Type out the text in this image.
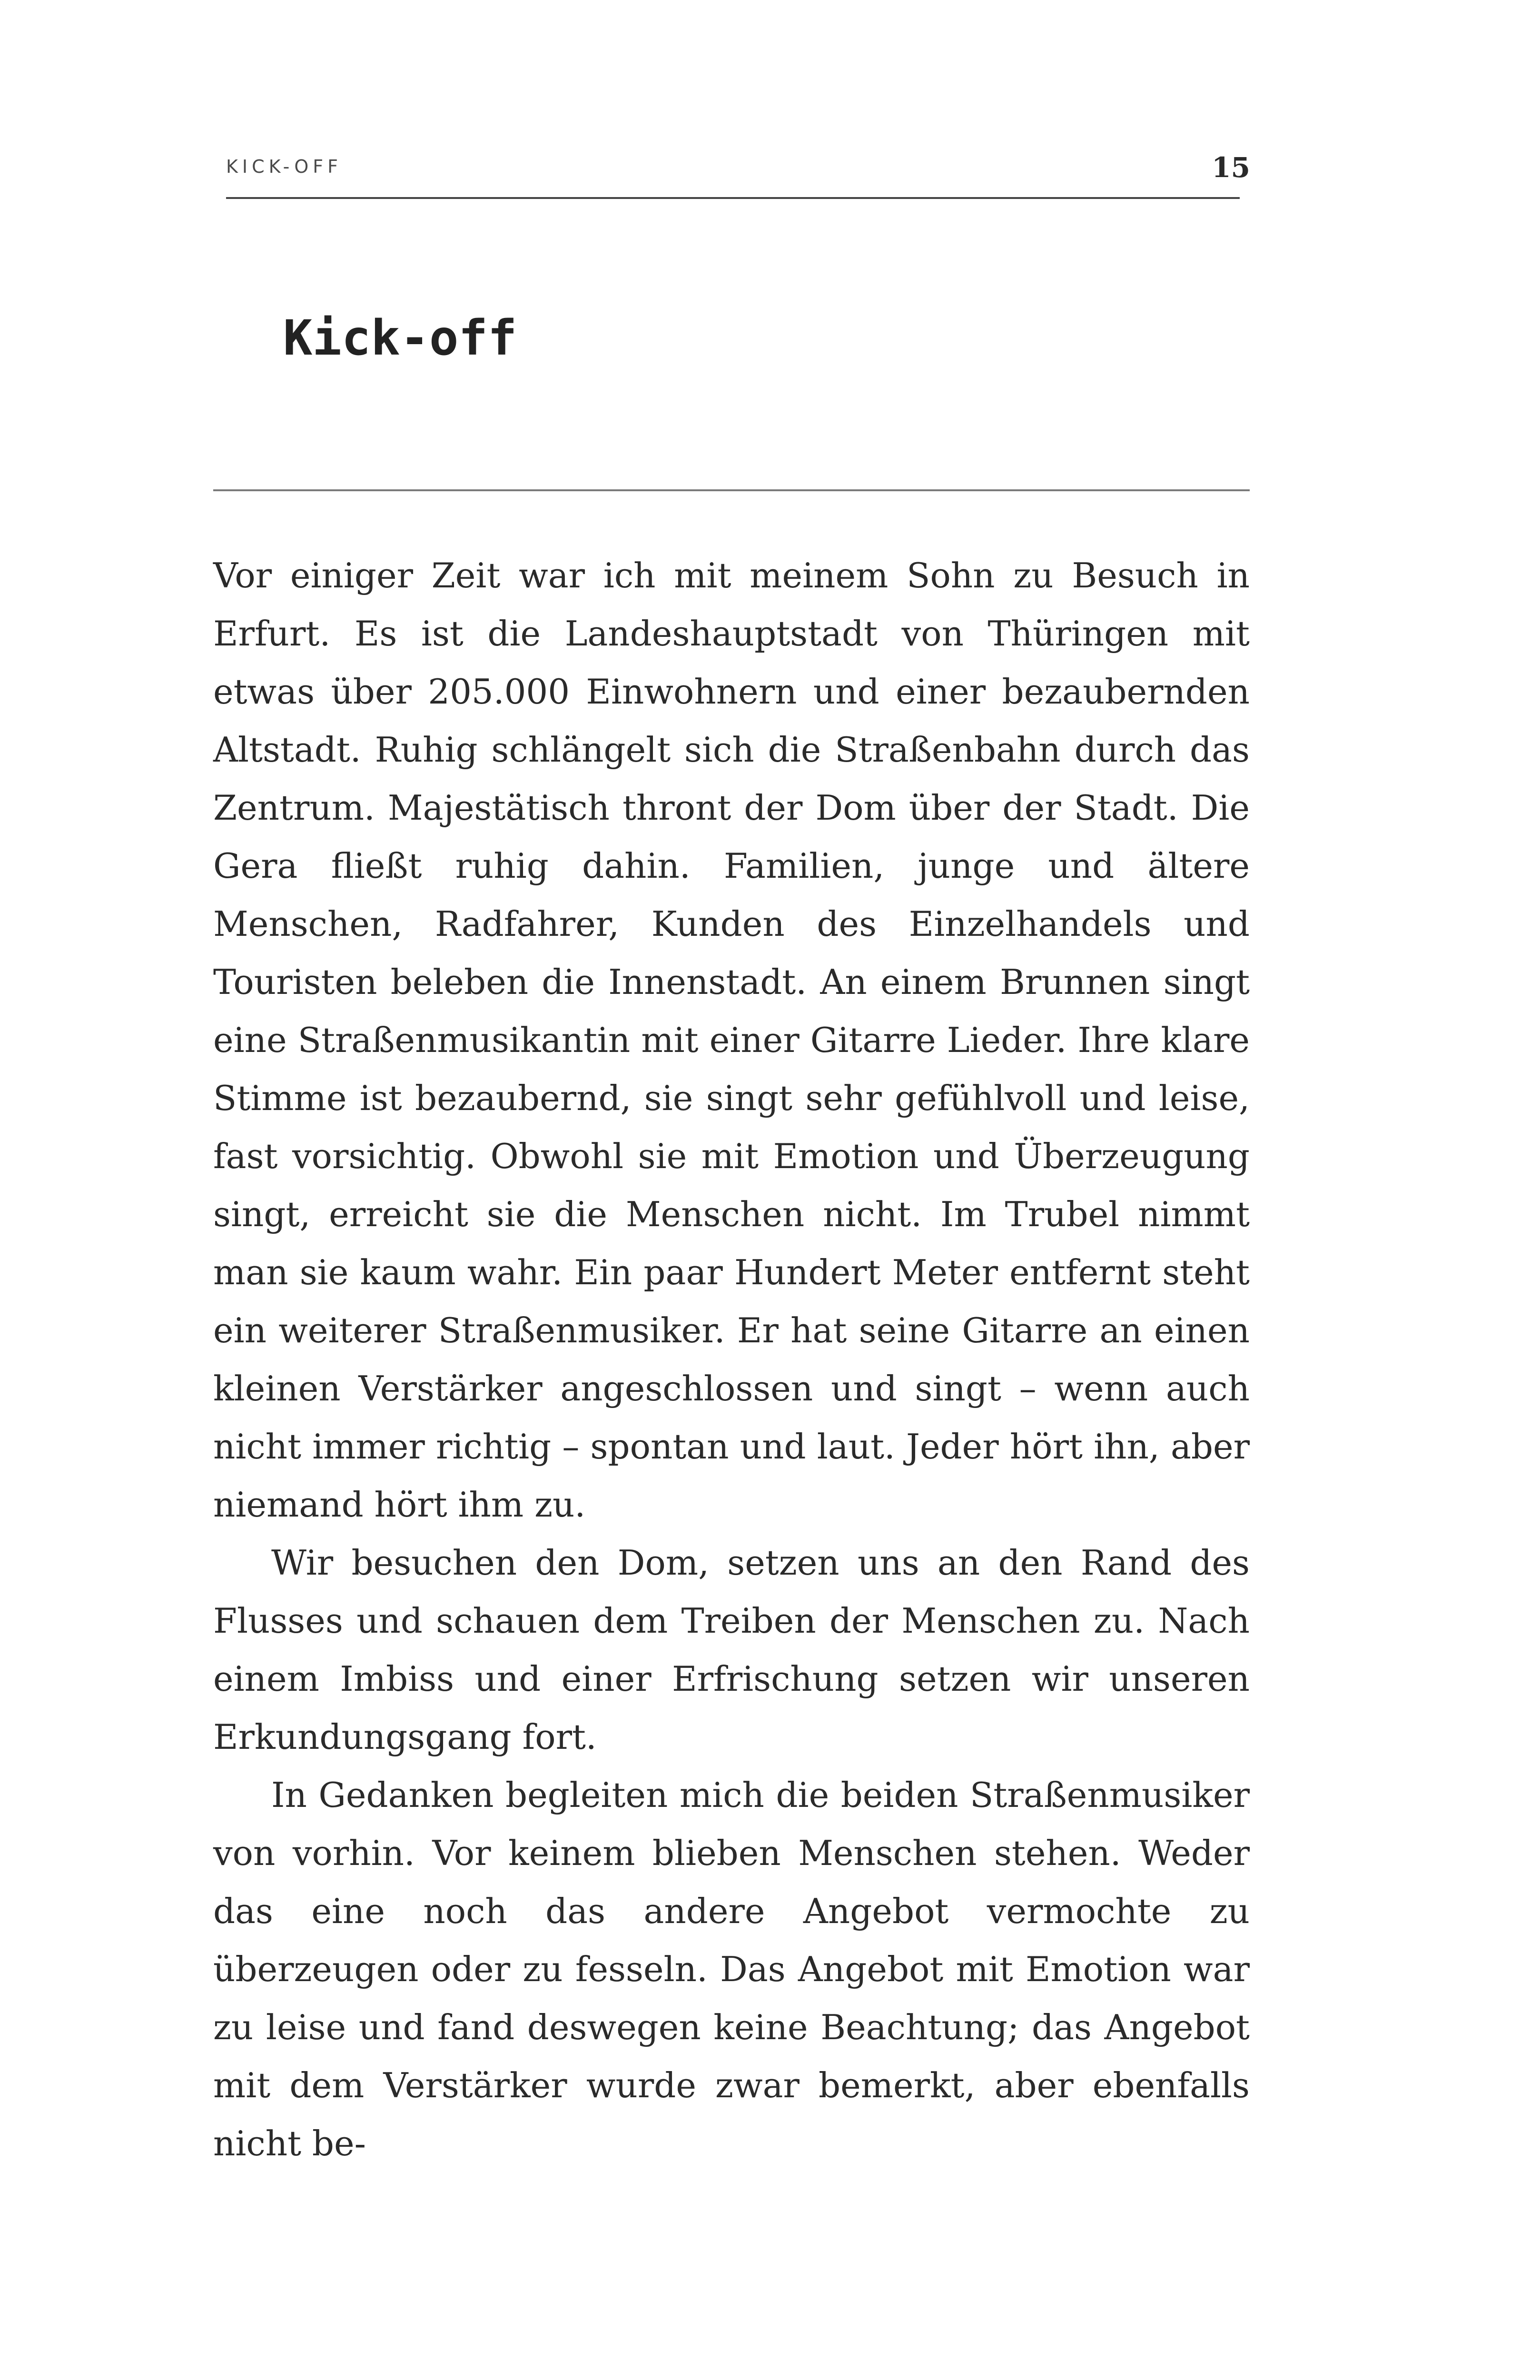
KICK-OFF	15
Kick-off

Vor einiger Zeit war ich mit meinem Sohn zu Besuch in Erfurt. Es ist die Landeshauptstadt von Thüringen mit etwas über 205.000 Einwohnern und einer bezaubernden Altstadt. Ruhig schlängelt sich die Straßenbahn durch das Zentrum. Majestätisch thront der Dom über der Stadt. Die Gera fließt ruhig dahin. Familien, junge und ältere Menschen, Radfahrer, Kunden des Einzelhandels und Touristen beleben die Innenstadt. An einem Brunnen singt eine Straßenmusikantin mit einer Gitarre Lieder. Ihre klare Stimme ist bezaubernd, sie singt sehr gefühlvoll und leise, fast vorsichtig. Obwohl sie mit Emotion und Überzeugung singt, erreicht sie die Menschen nicht. Im Trubel nimmt man sie kaum wahr. Ein paar Hundert Meter entfernt steht ein weiterer Straßenmusiker. Er hat seine Gitarre an einen kleinen Verstärker angeschlossen und singt – wenn auch nicht immer richtig – spontan und laut. Jeder hört ihn, aber niemand hört ihm zu.

Wir besuchen den Dom, setzen uns an den Rand des Flusses und schauen dem Treiben der Menschen zu. Nach einem Imbiss und einer Erfrischung setzen wir unseren Erkundungsgang fort.

In Gedanken begleiten mich die beiden Straßenmusiker von vorhin. Vor keinem blieben Menschen stehen. Weder das eine noch das andere Angebot vermochte zu überzeugen oder zu fesseln. Das Angebot mit Emotion war zu leise und fand deswegen keine Beachtung; das Angebot mit dem Verstärker wurde zwar bemerkt, aber ebenfalls nicht be-
